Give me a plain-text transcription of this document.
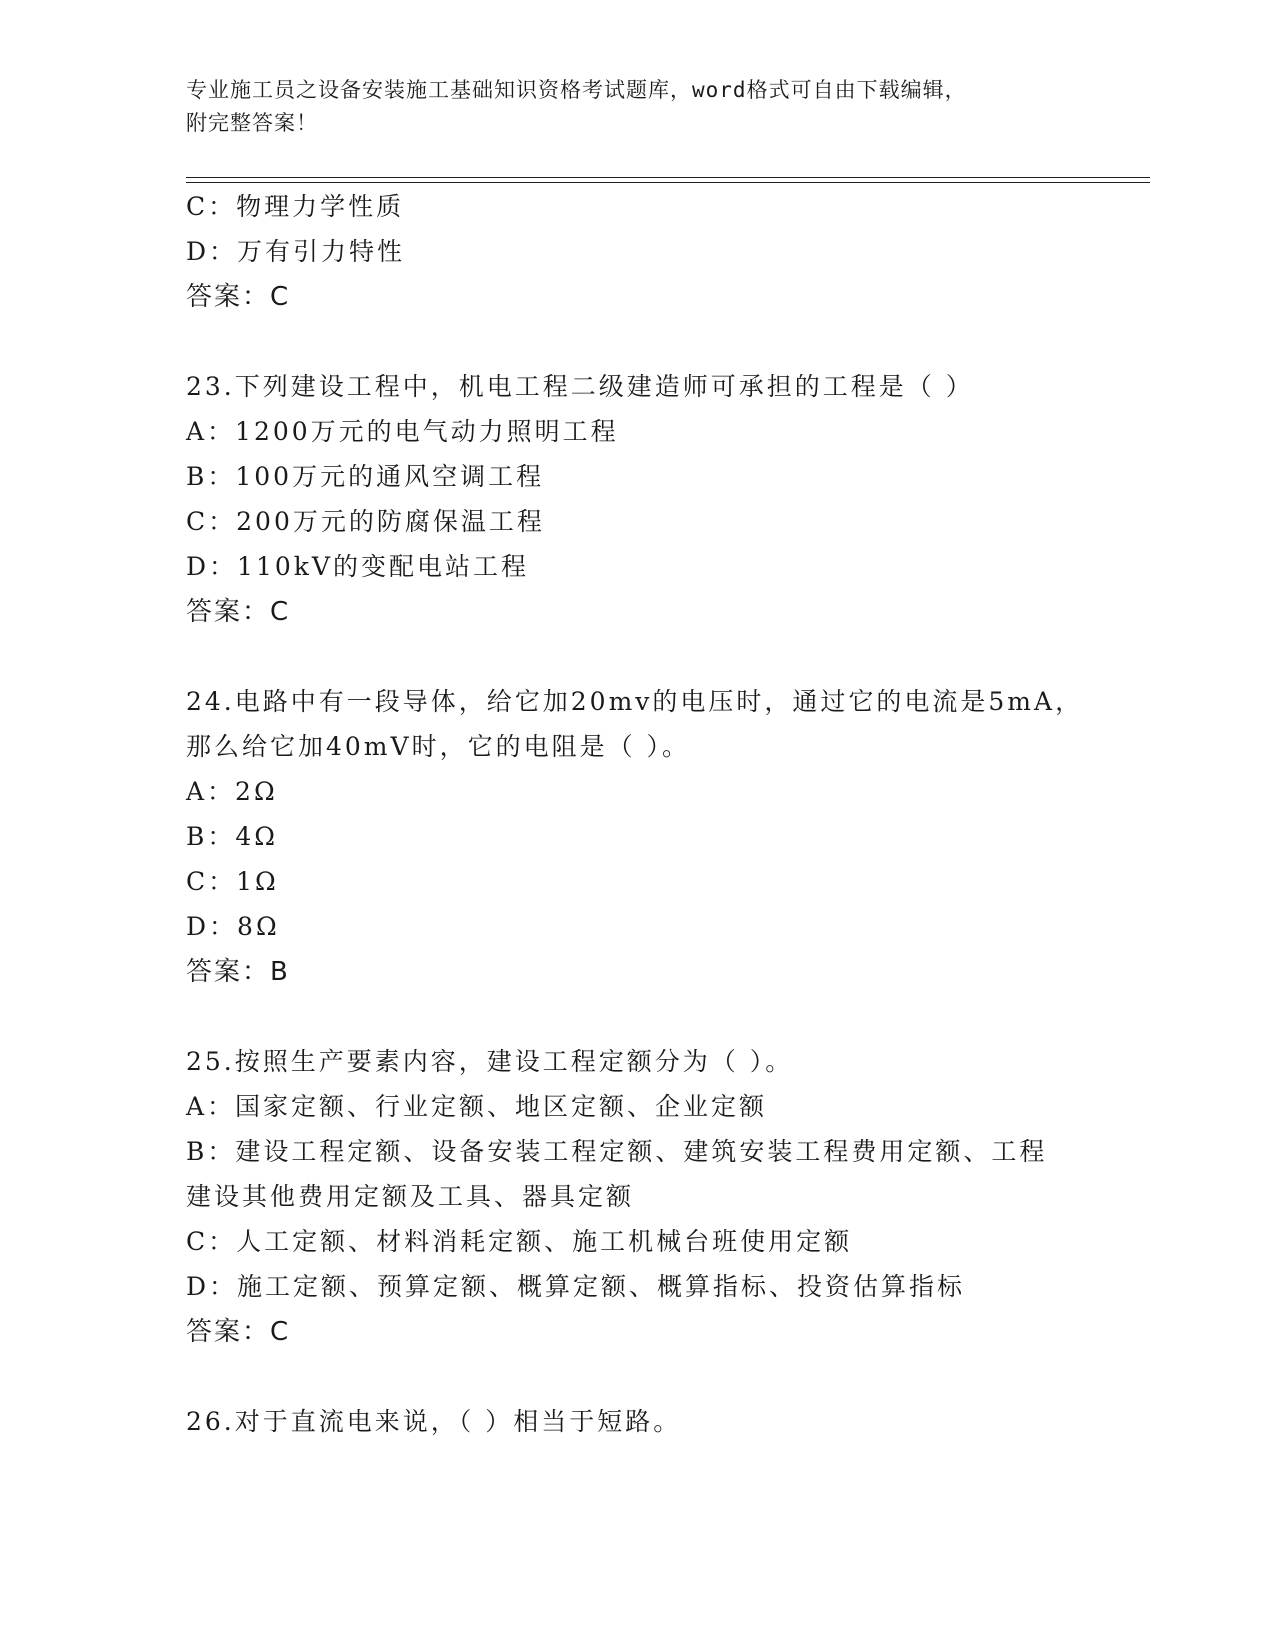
专业施工员之设备安装施工基础知识资格考试题库，word格式可自由下载编辑，
附完整答案！
C：物理力学性质
D：万有引力特性
答案：C
23.下列建设工程中，机电工程二级建造师可承担的工程是（ ）
A：1200万元的电气动力照明工程
B：100万元的通风空调工程
C：200万元的防腐保温工程
D：110kV的变配电站工程
答案：C
24.电路中有一段导体，给它加20mv的电压时，通过它的电流是5mA，
那么给它加40mV时，它的电阻是（ ）。
A：2Ω
B：4Ω
C：1Ω
D：8Ω
答案：B
25.按照生产要素内容，建设工程定额分为（ ）。
A：国家定额、行业定额、地区定额、企业定额
B：建设工程定额、设备安装工程定额、建筑安装工程费用定额、工程
建设其他费用定额及工具、器具定额
C：人工定额、材料消耗定额、施工机械台班使用定额
D：施工定额、预算定额、概算定额、概算指标、投资估算指标
答案：C
26.对于直流电来说，（ ）相当于短路。
